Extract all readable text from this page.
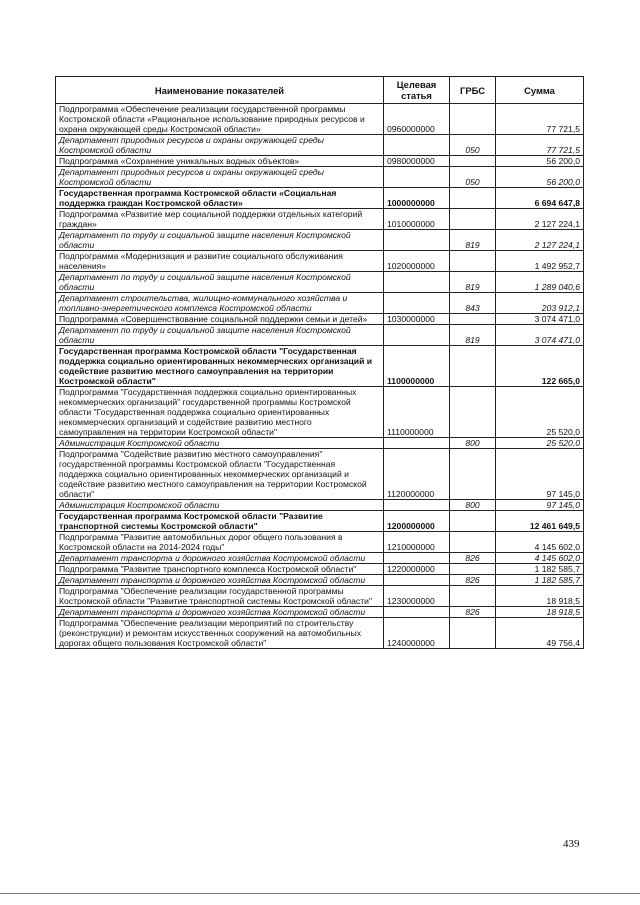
Наименование показателей	Целевая статья	ГРБС	Сумма
Подпрограмма «Обеспечение реализации государственной программы Костромской области «Рациональное использование природных ресурсов и охрана окружающей среды Костромской области»	0960000000		77 721,5
Департамент природных ресурсов и охраны окружающей среды Костромской области		050	77 721,5
Подпрограмма «Сохранение уникальных водных объектов»	0980000000		56 200,0
Департамент природных ресурсов и охраны окружающей среды Костромской области		050	56 200,0
Государственная программа Костромской области «Социальная поддержка граждан Костромской области»	1000000000		6 694 647,8
Подпрограмма «Развитие мер социальной поддержки отдельных категорий граждан»	1010000000		2 127 224,1
Департамент по труду и социальной защите населения Костромской области		819	2 127 224,1
Подпрограмма «Модернизация и развитие социального обслуживания населения»	1020000000		1 492 952,7
Департамент по труду и социальной защите населения Костромской области		819	1 289 040,6
Департамент строительства, жилищно-коммунального хозяйства и топливно-энергетического комплекса Костромской области		843	203 912,1
Подпрограмма «Совершенствование социальной поддержки семьи и детей»	1030000000		3 074 471,0
Департамент по труду и социальной защите населения Костромской области		819	3 074 471,0
Государственная программа Костромской области "Государственная поддержка социально ориентированных некоммерческих организаций и содействие развитию местного самоуправления на территории Костромской области"	1100000000		122 665,0
Подпрограмма "Государственная поддержка социально ориентированных некоммерческих организаций" государственной программы Костромской области "Государственная поддержка социально ориентированных некоммерческих организаций и содействие развитию местного самоуправления на территории Костромской области"	1110000000		25 520,0
Администрация Костромской области		800	25 520,0
Подпрограмма "Содействие развитию местного самоуправления" государственной программы Костромской области "Государственная поддержка социально ориентированных некоммерческих организаций и содействие развитию местного самоуправления на территории Костромской области"	1120000000		97 145,0
Администрация Костромской области		800	97 145,0
Государственная программа Костромской области "Развитие транспортной системы Костромской области"	1200000000		12 461 649,5
Подпрограмма "Развитие автомобильных дорог общего пользования в Костромской области на 2014-2024 годы"	1210000000		4 145 602,0
Департамент транспорта и дорожного хозяйства Костромской области		826	4 145 602,0
Подпрограмма "Развитие транспортного комплекса Костромской области"	1220000000		1 182 585,7
Департамент транспорта и дорожного хозяйства Костромской области		826	1 182 585,7
Подпрограмма "Обеспечение реализации государственной программы Костромской области "Развитие транспортной системы Костромской области"	1230000000		18 918,5
Департамент транспорта и дорожного хозяйства Костромской области		826	18 918,5
Подпрограмма "Обеспечение реализации мероприятий по строительству (реконструкции) и ремонтам искусственных сооружений на автомобильных дорогах общего пользования Костромской области"	1240000000		49 756,4
439
